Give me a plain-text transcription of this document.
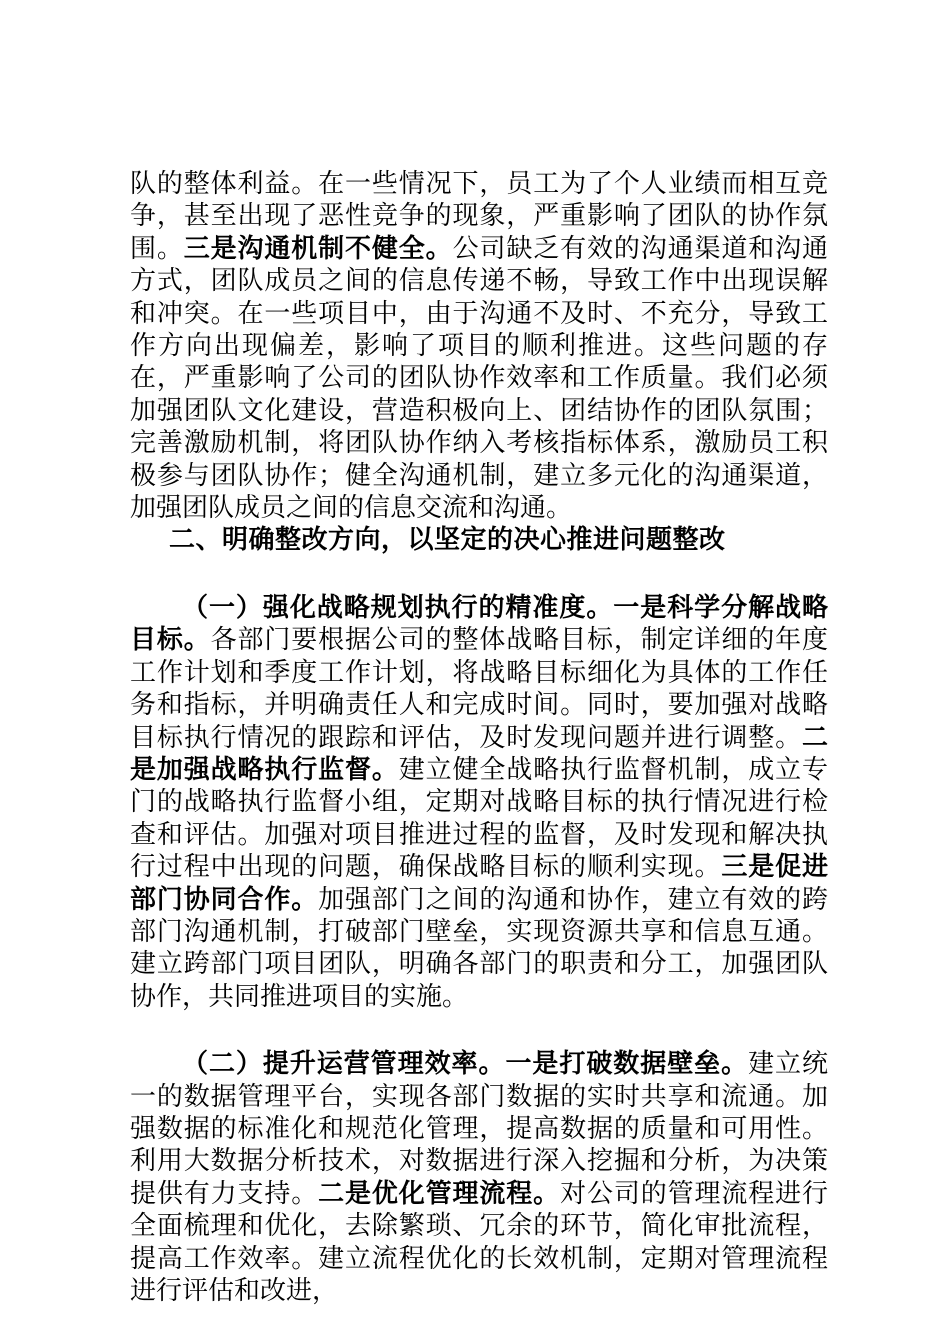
队的整体利益。在一些情况下，员工为了个人业绩而相互竞争，甚至出现了恶性竞争的现象，严重影响了团队的协作氛围。三是沟通机制不健全。公司缺乏有效的沟通渠道和沟通方式，团队成员之间的信息传递不畅，导致工作中出现误解和冲突。在一些项目中，由于沟通不及时、不充分，导致工作方向出现偏差，影响了项目的顺利推进。这些问题的存在，严重影响了公司的团队协作效率和工作质量。我们必须加强团队文化建设，营造积极向上、团结协作的团队氛围；完善激励机制，将团队协作纳入考核指标体系，激励员工积极参与团队协作；健全沟通机制，建立多元化的沟通渠道，加强团队成员之间的信息交流和沟通。

二、明确整改方向，以坚定的决心推进问题整改

（一）强化战略规划执行的精准度。一是科学分解战略目标。各部门要根据公司的整体战略目标，制定详细的年度工作计划和季度工作计划，将战略目标细化为具体的工作任务和指标，并明确责任人和完成时间。同时，要加强对战略目标执行情况的跟踪和评估，及时发现问题并进行调整。二是加强战略执行监督。建立健全战略执行监督机制，成立专门的战略执行监督小组，定期对战略目标的执行情况进行检查和评估。加强对项目推进过程的监督，及时发现和解决执行过程中出现的问题，确保战略目标的顺利实现。三是促进部门协同合作。加强部门之间的沟通和协作，建立有效的跨部门沟通机制，打破部门壁垒，实现资源共享和信息互通。建立跨部门项目团队，明确各部门的职责和分工，加强团队协作，共同推进项目的实施。

（二）提升运营管理效率。一是打破数据壁垒。建立统一的数据管理平台，实现各部门数据的实时共享和流通。加强数据的标准化和规范化管理，提高数据的质量和可用性。利用大数据分析技术，对数据进行深入挖掘和分析，为决策提供有力支持。二是优化管理流程。对公司的管理流程进行全面梳理和优化，去除繁琐、冗余的环节，简化审批流程，提高工作效率。建立流程优化的长效机制，定期对管理流程进行评估和改进，
